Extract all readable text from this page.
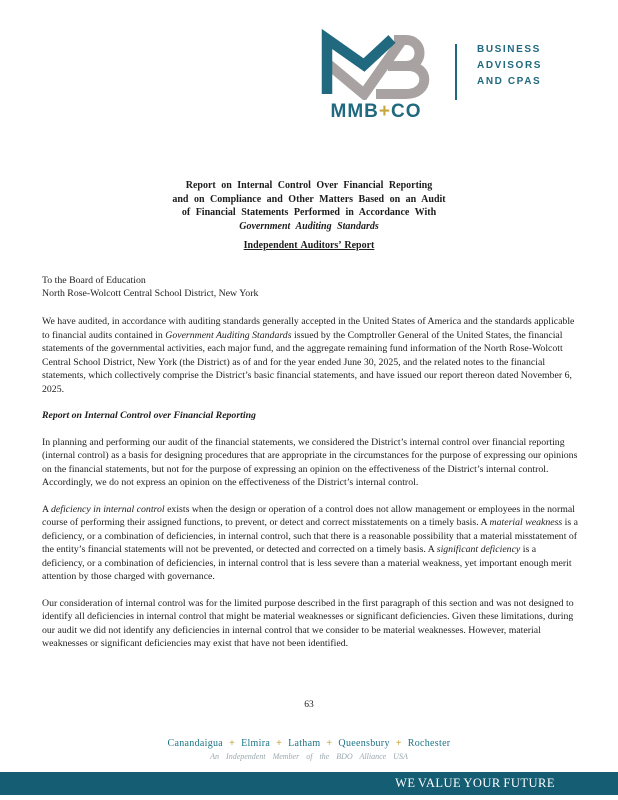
MMB+CO
BUSINESS
ADVISORS
AND CPAS
Report on Internal Control Over Financial Reporting
and on Compliance and Other Matters Based on an Audit
of Financial Statements Performed in Accordance With
Government Auditing Standards
Independent Auditors’ Report
To the Board of Education
North Rose-Wolcott Central School District, New York

We have audited, in accordance with auditing standards generally accepted in the United States of America and the standards applicable to financial audits contained in Government Auditing Standards issued by the Comptroller General of the United States, the financial statements of the governmental activities, each major fund, and the aggregate remaining fund information of the North Rose-Wolcott Central School District, New York (the District) as of and for the year ended June 30, 2025, and the related notes to the financial statements, which collectively comprise the District’s basic financial statements, and have issued our report thereon dated November 6, 2025.

Report on Internal Control over Financial Reporting

In planning and performing our audit of the financial statements, we considered the District’s internal control over financial reporting (internal control) as a basis for designing procedures that are appropriate in the circumstances for the purpose of expressing our opinions on the financial statements, but not for the purpose of expressing an opinion on the effectiveness of the District’s internal control. Accordingly, we do not express an opinion on the effectiveness of the District’s internal control.

A deficiency in internal control exists when the design or operation of a control does not allow management or employees in the normal course of performing their assigned functions, to prevent, or detect and correct misstatements on a timely basis. A material weakness is a deficiency, or a combination of deficiencies, in internal control, such that there is a reasonable possibility that a material misstatement of the entity’s financial statements will not be prevented, or detected and corrected on a timely basis. A significant deficiency is a deficiency, or a combination of deficiencies, in internal control that is less severe than a material weakness, yet important enough merit attention by those charged with governance.

Our consideration of internal control was for the limited purpose described in the first paragraph of this section and was not designed to identify all deficiencies in internal control that might be material weaknesses or significant deficiencies. Given these limitations, during our audit we did not identify any deficiencies in internal control that we consider to be material weaknesses. However, material weaknesses or significant deficiencies may exist that have not been identified.

63
Canandaigua + Elmira + Latham + Queensbury + Rochester
An Independent Member of the BDO Alliance USA
WE VALUE YOUR FUTURE
